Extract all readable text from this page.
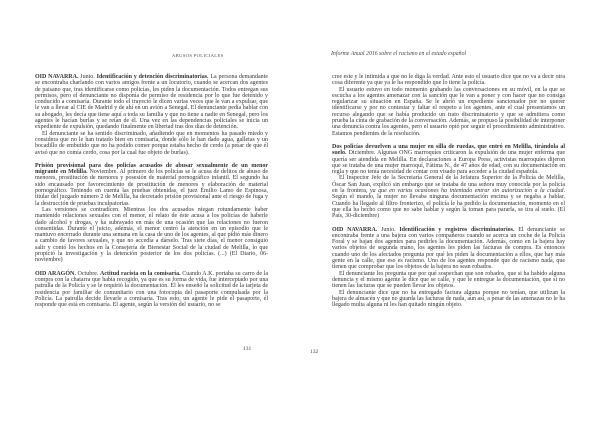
ABUSOS POLICIALES	Informe Anual 2016 sobre el racismo en el estado español

OID NAVARRA. Junio. Identificación y detención discriminatorias. La persona demandante se encontraba charlando con varios amigos frente a un locutorio, cuando se acercan dos agentes de paisano que, tras identificarse como policías, les piden la documentación. Todos entregan sus permisos, pero el denunciante no disponía de permiso de residencia por lo que fue detenido y conducido a comisaría. Durante todo el trayecto le dicen varias veces que le van a expulsar, que le van a llevar al CIE de Madrid y de ahí en un avión a Senegal. El denunciante pedía hablar con su abogado, les decía que tiene aquí a toda su familia y que no tiene a nadie en Senegal, pero los agentes le hacían burlas y se reían de él. Una vez en las dependencias policiales se inicia un expediente de expulsión, quedando finalmente en libertad tras dos días de detención.

El denunciante se ha sentido discriminado, añadiendo que en momentos ha pasado miedo y considera que no le han tratado bien en comisaría, donde sólo le han dado agua, galletas y un bocadillo de embutido que no ha podido comer porque estaba hecho de cerdo (a pesar de que él avisó que no comía cerdo, cosa por la cual fue objeto de burlas).

Prisión provisional para dos policías acusados de abusar sexualmente de un menor migrante en Melilla. Noviembre. Al primero de los policías se le acusa de delitos de abuso de menores, prostitución de menores y posesión de material pornográfico infantil. El segundo ha sido encausado por favorecimiento de prostitución de menores y elaboración de material pornográfico. Teniendo en cuenta las pruebas obtenidas, el juez Emilio Lamo de Espinosa, titular del juzgado número 2 de Melilla, ha decretado prisión provisional ante el riesgo de fuga y la destrucción de pruebas inculpatorias.

Las versiones se contradicen. Mientras los dos acusados niegan rotundamente haber mantenido relaciones sexuales con el menor, el relato de éste acusa a los policías de haberle dado alcohol y drogas, y ha subrayado en más de una ocasión que las relaciones no fueron consentidas. Durante el juicio, además, el menor centró la atención en un episodio que le mantuvo encerrado durante una semana en la casa de uno de los agentes, al que pidió más dinero a cambio de favores sexuales, y que no accedía a dárselo. Tras siete días, el menor consiguió salir y contó los hechos en la Consejería de Bienestar Social de la ciudad de Melilla, lo que propició la investigación y la detención posterior de los dos policías. (...) (El Diario, 06-noviembre)

OID ARAGÓN. Octubre. Actitud racista en la comisaría. Cuando A.K. portaba su carro de la compra con la chatarra que había recogido, ya que es su forma de vida, fue interceptado por una patrulla de la Policía y se le requirió la documentación. Él les enseñó la solicitud de la tarjeta de residencia por familiar de comunitario con una fotocopia del pasaporte compulsada por la Policía. La patrulla decide llevarle a comisaría. Tras esto, un agente le pide el pasaporte, él responde que está en comisaría. El agente, según la versión del usuario, no se

cree este y le intimida a que no le diga la verdad. Ante esto el usuario dice que no va a decir otra cosa diferente ya que ya le ha respondido que lo tiene la policía.

El usuario estuvo en todo momento grabando las conversaciones en su móvil, en la que se escucha a los agentes amenazar con la sanción que le van a poner y con hacer que no consiga regularizar su situación en España. Se le abrió un expediente sancionador por no querer identificarse y por no contestar y faltar el respeto a los agentes, ante el cual presentamos un recurso alegando que se había producido un trato discriminatorio y que se admitiera como prueba la cinta de grabación de la conversación. Además, se propuso la posibilidad de interponer una denuncia contra los agentes, pero el usuario optó por seguir el procedimiento administrativo. Estamos pendientes de la resolución.

Dos policías devuelven a una mujer en silla de ruedas, que entró en Melilla, tirándola al suelo. Diciembre. Algunas ONG marroquíes criticaron la expulsión de una mujer enferma que quería ser atendida en Melilla. En declaraciones a Europa Press, activistas marroquíes dijeron que se trataba de una mujer marroquí, Fátima N., de 47 años de edad, con su documentación en regla y que no tenía necesidad de contar con visado para acceder a la ciudad española.

El Inspector Jefe de la Secretaría General de la Jefatura Superior de la Policía de Melilla, Óscar San Juan, explicó sin embargo que se trataba de una señora muy conocida por la policía en la frontera, ya que en varias ocasiones ha intentado entrar sin autorización a la ciudad. Según el mando, la mujer no llevaba ninguna documentación encima y se negaba a hablar. Cuando ha llegado al filtro fronterizo, el policía le ha pedido la documentación, momento en el que ella ha hecho como que no sabe hablar y según la toman para pararla, se tira al suelo. (El País, 30-diciembre)

OID NAVARRA. Junio. Identificación y registros discriminatorios. El denunciante se encontraba frente a una bajera con varios compañeros cuando se acerca un coche de la Policía Foral y se bajan dos agentes para pedirles la documentación. Además, como en la bajera hay varios objetos de segunda mano, los agentes les piden las facturas de compra. Es entonces cuando uno de los afectados pregunta por qué les piden la documentación a ellos, que hay más gente en la calle, que eso es racismo. Uno de los agentes responde que de racismo nada, que tienen que comprobar que los objetos de la bajera no sean robados.

El denunciante les pregunta que por qué sospechan que son robados, que si ha habido alguna denuncia y el mismo agente le dice que se calle, y que le entregue la documentación, que si no tienen las facturas que se pueden llevar los objetos.

El denunciante dice que no ha entregado factura alguna porque no tenían, que utilizan la bajera de almacén y que no guarda las facturas de nada, aun así, a pesar de las amenazas no le ha llegado multa alguna ni les han quitado ningún objeto.

131	132
